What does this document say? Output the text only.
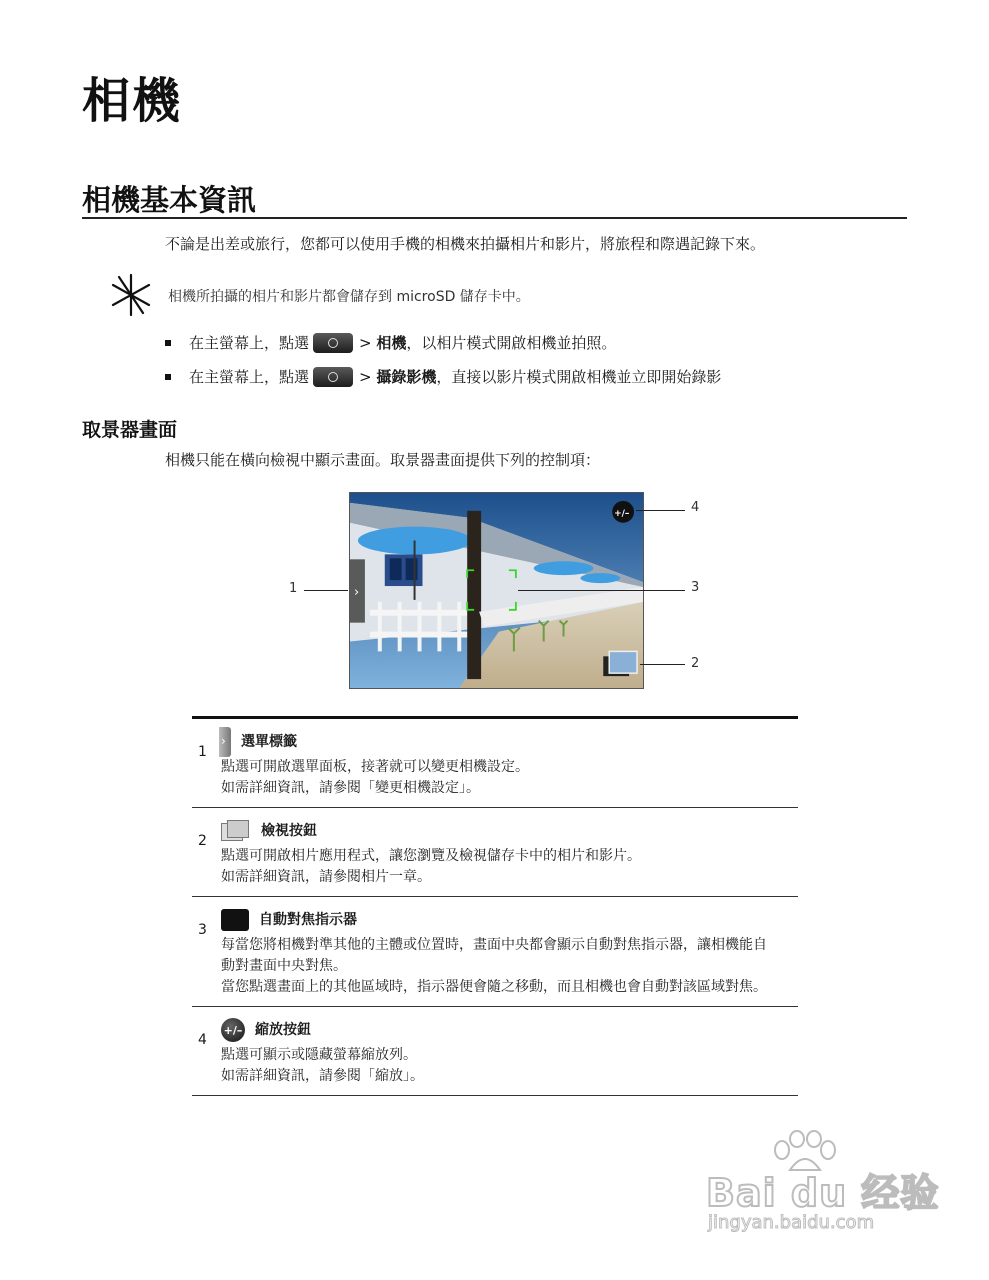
相機
相機基本資訊
不論是出差或旅行，您都可以使用手機的相機來拍攝相片和影片，將旅程和際遇記錄下來。
相機所拍攝的相片和影片都會儲存到 microSD 儲存卡中。
在主螢幕上，點選	>
相機 ，以相片模式開啟相機並拍照。
在主螢幕上，點選	>
攝錄影機 ，直接以影片模式開啟相機並立即開始錄影
取景器畫面
相機只能在橫向檢視中顯示畫面。取景器畫面提供下列的控制項：
›
+/–
1
2
3
4
1
›
選單標籤
點選可開啟選單面板，接著就可以變更相機設定。
如需詳細資訊，請參閱「變更相機設定」。
2
檢視按鈕
點選可開啟相片應用程式，讓您瀏覽及檢視儲存卡中的相片和影片。
如需詳細資訊，請參閱相片一章。
3
自動對焦指示器
每當您將相機對準其他的主體或位置時，畫面中央都會顯示自動對焦指示器，讓相機能自
動對畫面中央對焦。
當您點選畫面上的其他區域時，指示器便會隨之移動，而且相機也會自動對該區域對焦。
4
+/– 縮放按鈕
點選可顯示或隱藏螢幕縮放列。
如需詳細資訊，請參閱「縮放」。
Bai du 经验
jingyan.baidu.com
